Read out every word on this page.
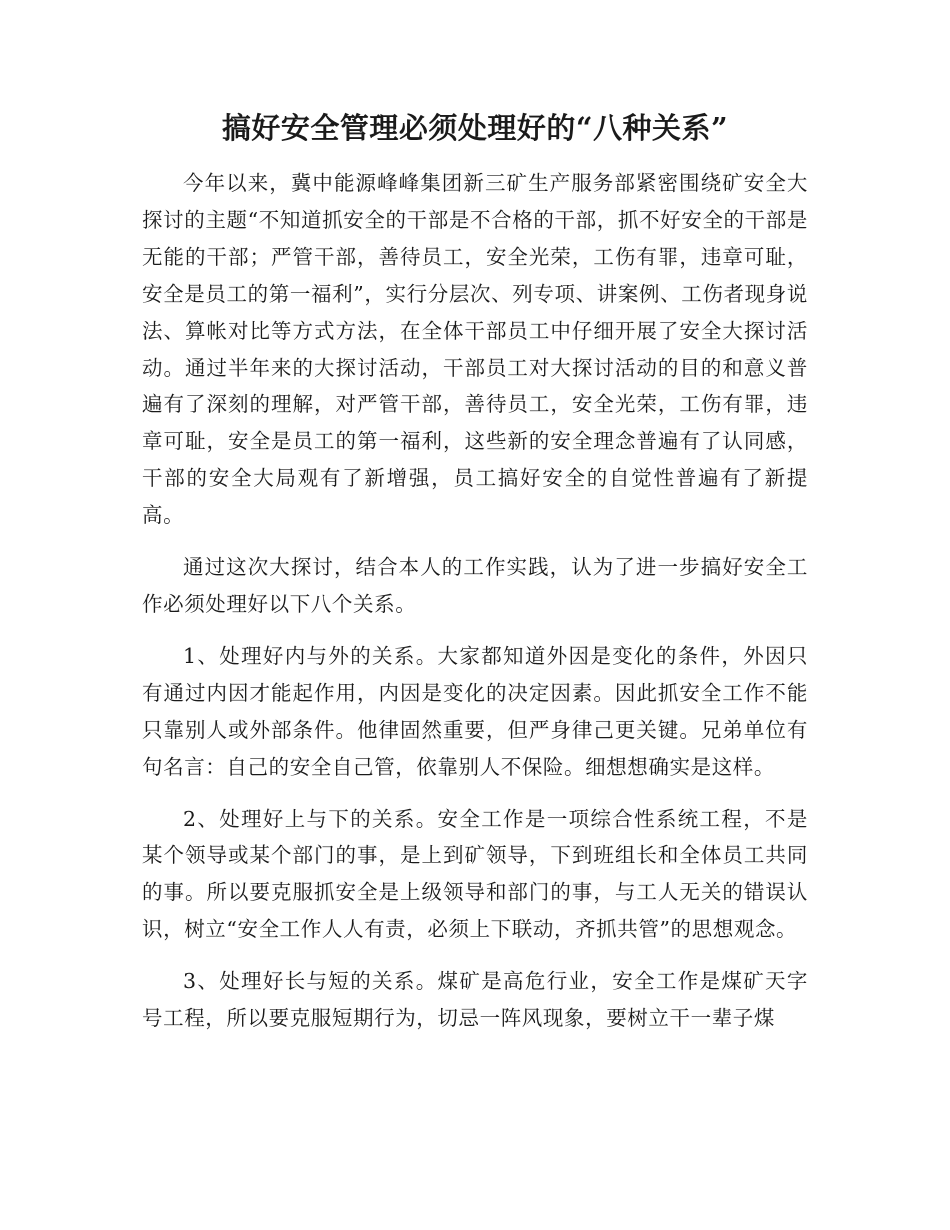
搞好安全管理必须处理好的“八种关系”

今年以来，冀中能源峰峰集团新三矿生产服务部紧密围绕矿安全大探讨的主题“不知道抓安全的干部是不合格的干部，抓不好安全的干部是无能的干部；严管干部，善待员工，安全光荣，工伤有罪，违章可耻，安全是员工的第一福利”，实行分层次、列专项、讲案例、工伤者现身说法、算帐对比等方式方法，在全体干部员工中仔细开展了安全大探讨活动。通过半年来的大探讨活动，干部员工对大探讨活动的目的和意义普遍有了深刻的理解，对严管干部，善待员工，安全光荣，工伤有罪，违章可耻，安全是员工的第一福利，这些新的安全理念普遍有了认同感，干部的安全大局观有了新增强，员工搞好安全的自觉性普遍有了新提高。

通过这次大探讨，结合本人的工作实践，认为了进一步搞好安全工作必须处理好以下八个关系。

1、处理好内与外的关系。大家都知道外因是变化的条件，外因只有通过内因才能起作用，内因是变化的决定因素。因此抓安全工作不能只靠别人或外部条件。他律固然重要，但严身律己更关键。兄弟单位有句名言：自己的安全自己管，依靠别人不保险。细想想确实是这样。

2、处理好上与下的关系。安全工作是一项综合性系统工程，不是某个领导或某个部门的事，是上到矿领导，下到班组长和全体员工共同的事。所以要克服抓安全是上级领导和部门的事，与工人无关的错误认识，树立“安全工作人人有责，必须上下联动，齐抓共管”的思想观念。

3、处理好长与短的关系。煤矿是高危行业，安全工作是煤矿天字号工程，所以要克服短期行为，切忌一阵风现象，要树立干一辈子煤
